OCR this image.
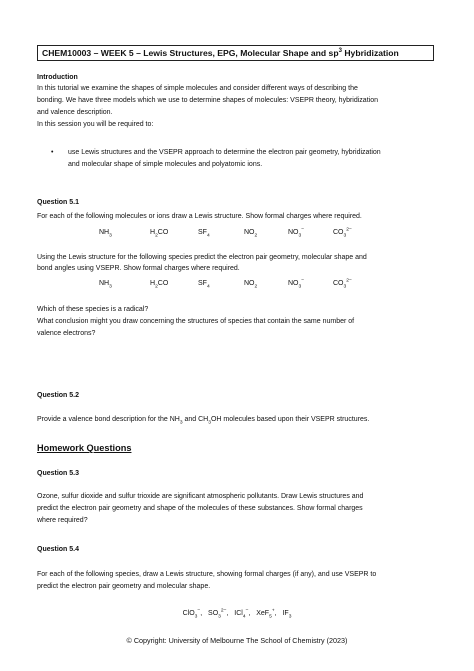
CHEM10003 – WEEK 5 – Lewis Structures, EPG, Molecular Shape and $sp^3$ Hybridization
Introduction
In this tutorial we examine the shapes of simple molecules and consider different ways of describing the
bonding. We have three models which we use to determine shapes of molecules: VSEPR theory, hybridization
and valence description.
In this session you will be required to:
• use Lewis structures and the VSEPR approach to determine the electron pair geometry, hybridization
and molecular shape of simple molecules and polyatomic ions.
Question 5.1
For each of the following molecules or ions draw a Lewis structure. Show formal charges where required.
$NH_3$	$H_2CO$	$SF_4$	$NO_2$	$NO_3^-$	$CO_3^{2-}$
Using the Lewis structure for the following species predict the electron pair geometry, molecular shape and
bond angles using VSEPR. Show formal charges where required.
$NH_3$	$H_2CO$	$SF_4$	$NO_2$	$NO_3^-$	$CO_3^{2-}$
Which of these species is a radical?
What conclusion might you draw concerning the structures of species that contain the same number of
valence electrons?
Question 5.2
Provide a valence bond description for the $NH_3$ and $CH_3OH$ molecules based upon their VSEPR structures.
Homework Questions
Question 5.3
Ozone, sulfur dioxide and sulfur trioxide are significant atmospheric pollutants. Draw Lewis structures and
predict the electron pair geometry and shape of the molecules of these substances. Show formal charges
where required?
Question 5.4
For each of the following species, draw a Lewis structure, showing formal charges (if any), and use VSEPR to
predict the electron pair geometry and molecular shape.
ClO$_3$−,   $SO_3^{2-}$,   ICl$_4$−,   XeF$_5$+,   $IF_3$
© Copyright: University of Melbourne The School of Chemistry (2023)
